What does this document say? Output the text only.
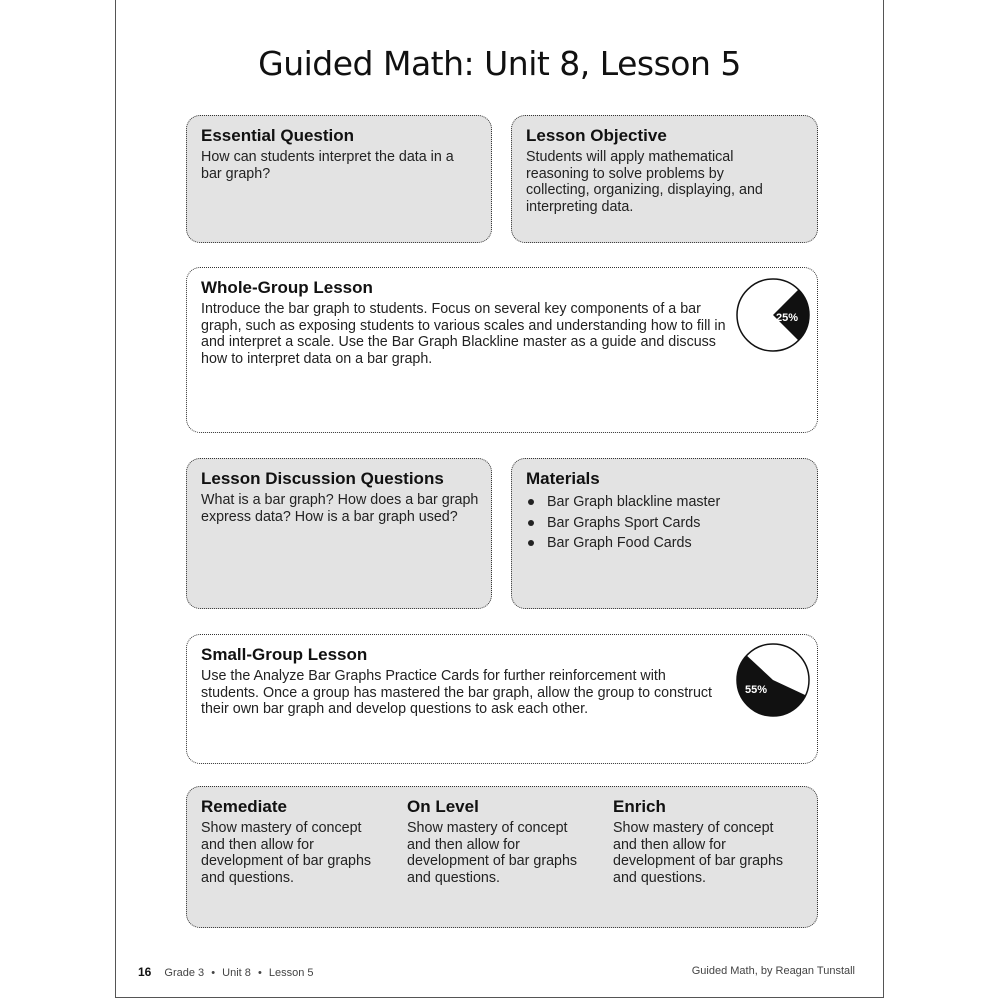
Guided Math: Unit 8, Lesson 5
Essential Question

How can students interpret the data in a bar graph?

Lesson Objective

Students will apply mathematical reasoning to solve problems by collecting, organizing, displaying, and interpreting data.

Whole-Group Lesson

Introduce the bar graph to students. Focus on several key components of a bar graph, such as exposing students to various scales and understanding how to fill in and interpret a scale. Use the Bar Graph Blackline master as a guide and discuss how to interpret data on a bar graph.

25%
Lesson Discussion Questions

What is a bar graph? How does a bar graph express data? How is a bar graph used?

Materials
Bar Graph blackline master
Bar Graphs Sport Cards
Bar Graph Food Cards
Small-Group Lesson

Use the Analyze Bar Graphs Practice Cards for further reinforcement with students. Once a group has mastered the bar graph, allow the group to construct their own bar graph and develop questions to ask each other.

55%
Remediate

Show mastery of concept and then allow for development of bar graphs and questions.

On Level

Show mastery of concept and then allow for development of bar graphs and questions.

Enrich

Show mastery of concept and then allow for development of bar graphs and questions.

16 Grade 3 • Unit 8 • Lesson 5	Guided Math, by Reagan Tunstall
